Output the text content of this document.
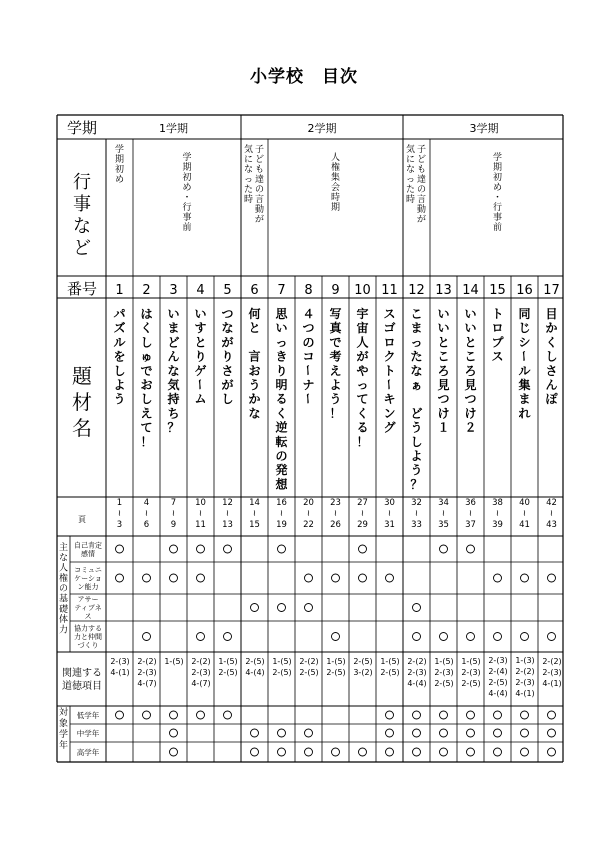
小学校　目次
学期
行
事
な
ど
番号
題
材
名
頁
主
な
人
権
の
基
礎
体
力
自己肯定
感情
コミュニ
ケーショ
ン能力
アサー
ティブネ
ス
協力する
力と仲間
づくり
関連する
道徳項目
対
象
学
年
低学年
中学年
高学年
1学期	2学期	3学期
学
期
初
め
学
期
初
め
・
行
事
前
子
ど
も
達
の
言
動
が
気
に
な
っ
た
時
人
権
集
会
時
期
子
ど
も
達
の
言
動
が
気
に
な
っ
た
時
学
期
初
め
・
行
事
前
1
パ
ズ
ル
を
し
よ
う
1
~
3
2-(3)
4-(1)
2
は
く
し
ゅ
で
お
し
え
て
！
4
~
6
2-(2)
2-(3)
4-(7)
3
い
ま
ど
ん
な
気
持
ち
？
7
~
9
1-(5)
4
い
す
と
り
ゲ
ー
ム
10
~
11
2-(2)
2-(3)
4-(7)
5
つ
な
が
り
さ
が
し
12
~
13
1-(5)
2-(5)
6
何
と

言
お
う
か
な
14
~
15
2-(5)
4-(4)
7
思
い
っ
き
り
明
る
く
逆
転
の
発
想
16
~
19
1-(5)
2-(5)
8
４
つ
の
コ
ー
ナ
ー
20
~
22
2-(2)
2-(5)
9
写
真
で
考
え
よ
う
！
23
~
26
1-(5)
2-(5)
10
宇
宙
人
が
や
っ
て
く
る
！
27
~
29
2-(5)
3-(2)
11
ス
ゴ
ロ
ク
ト
ー
キ
ン
グ
30
~
31
1-(5)
2-(5)
12
こ
ま
っ
た
な
ぁ

ど
う
し
よ
う
？
32
~
33
2-(2)
2-(3)
4-(4)
13
い
い
と
こ
ろ
見
つ
け
１
34
~
35
1-(5)
2-(3)
2-(5)
14
い
い
と
こ
ろ
見
つ
け
２
36
~
37
1-(5)
2-(3)
2-(5)
15
ト
ロ
プ
ス
38
~
39
2-(3)
2-(4)
2-(5)
4-(4)
16
同
じ
シ
ー
ル
集
ま
れ
40
~
41
1-(3)
2-(2)
2-(3)
4-(1)
17
目
か
く
し
さ
ん
ぽ
42
~
43
2-(2)
2-(3)
4-(1)
